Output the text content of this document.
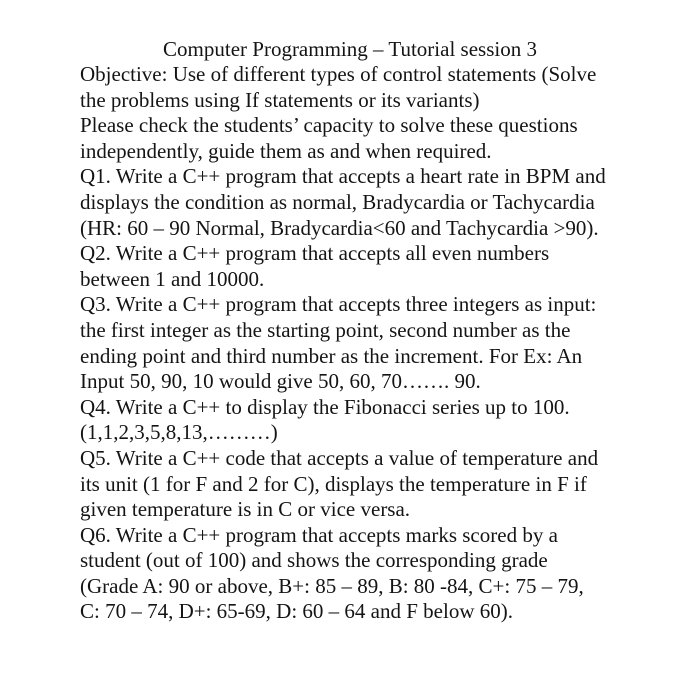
Computer Programming – Tutorial session 3
Objective: Use of different types of control statements (Solve
the problems using If statements or its variants)
Please check the students’ capacity to solve these questions
independently, guide them as and when required.
Q1. Write a C++ program that accepts a heart rate in BPM and
displays the condition as normal, Bradycardia or Tachycardia
(HR: 60 – 90 Normal, Bradycardia<60 and Tachycardia >90).
Q2. Write a C++ program that accepts all even numbers
between 1 and 10000.
Q3. Write a C++ program that accepts three integers as input:
the first integer as the starting point, second number as the
ending point and third number as the increment. For Ex: An
Input 50, 90, 10 would give 50, 60, 70……. 90.
Q4. Write a C++ to display the Fibonacci series up to 100.
(1,1,2,3,5,8,13,………)
Q5. Write a C++ code that accepts a value of temperature and
its unit (1 for F and 2 for C), displays the temperature in F if
given temperature is in C or vice versa.
Q6. Write a C++ program that accepts marks scored by a
student (out of 100) and shows the corresponding grade
(Grade A: 90 or above, B+: 85 – 89, B: 80 -84, C+: 75 – 79,
C: 70 – 74, D+: 65-69, D: 60 – 64 and F below 60).
